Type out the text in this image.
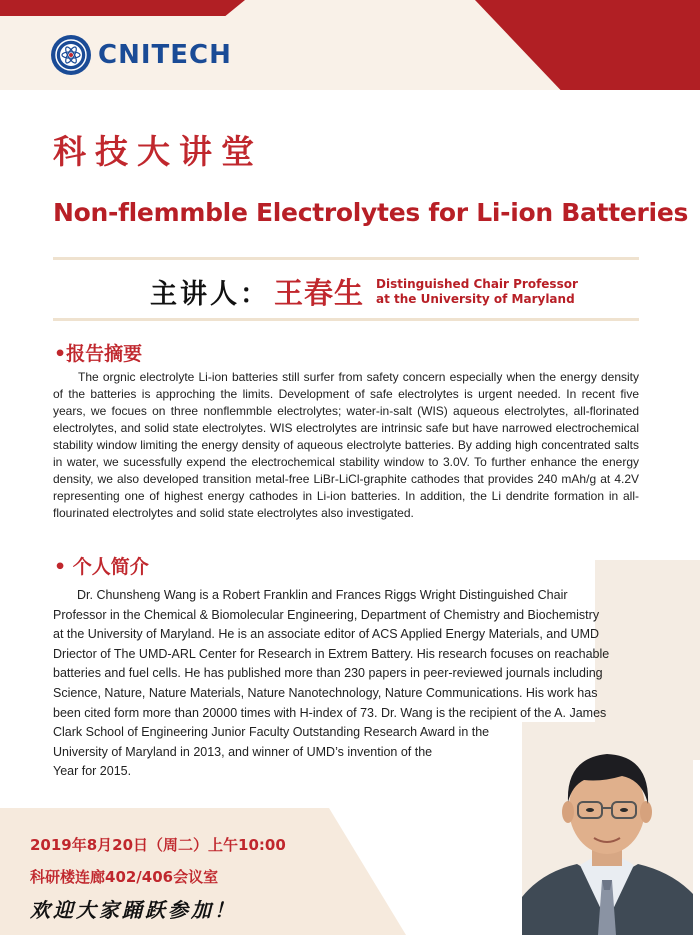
CNITECH
科技大讲堂
Non-flemmble Electrolytes for Li-ion Batteries
主讲人： 王春生 Distinguished Chair Professor
at the University of Maryland
•报告摘要

The orgnic electrolyte Li-ion batteries still surfer from safety concern especially when the energy density of the batteries is approching the limits. Development of safe electrolytes is urgent needed. In recent five years, we focues on three nonflemmble electrolytes; water-in-salt (WIS) aqueous electrolytes, all-florinated electrolytes, and solid state electrolytes. WIS electrolytes are intrinsic safe but have narrowed electrochemical stability window limiting the energy density of aqueous electrolyte batteries. By adding high concentrated salts in water, we sucessfully expend the electrochemical stability window to 3.0V. To further enhance the energy density, we also developed transition metal-free LiBr-LiCl-graphite cathodes that provides 240 mAh/g at 4.2V representing one of highest energy cathodes in Li-ion batteries. In addition, the Li dendrite formation in all-flourinated electrolytes and solid state electrolytes also investigated.

• 个人简介

Dr. Chunsheng Wang is a Robert Franklin and Frances Riggs Wright Distinguished Chair
Professor in the Chemical & Biomolecular Engineering, Department of Chemistry and Biochemistry
at the University of Maryland. He is an associate editor of ACS Applied Energy Materials, and UMD
Driector of The UMD-ARL Center for Research in Extrem Battery. His research focuses on reachable
batteries and fuel cells. He has published more than 230 papers in peer-reviewed journals including
Science, Nature, Nature Materials, Nature Nanotechnology, Nature Communications. His work has
been cited form more than 20000 times with H-index of 73. Dr. Wang is the recipient of the A. James
Clark School of Engineering Junior Faculty Outstanding Research Award in the
University of Maryland in 2013, and winner of UMD’s invention of the
Year for 2015.

2019年8月20日（周二）上午10:00

科研楼连廊402/406会议室

欢迎大家踊跃参加！
